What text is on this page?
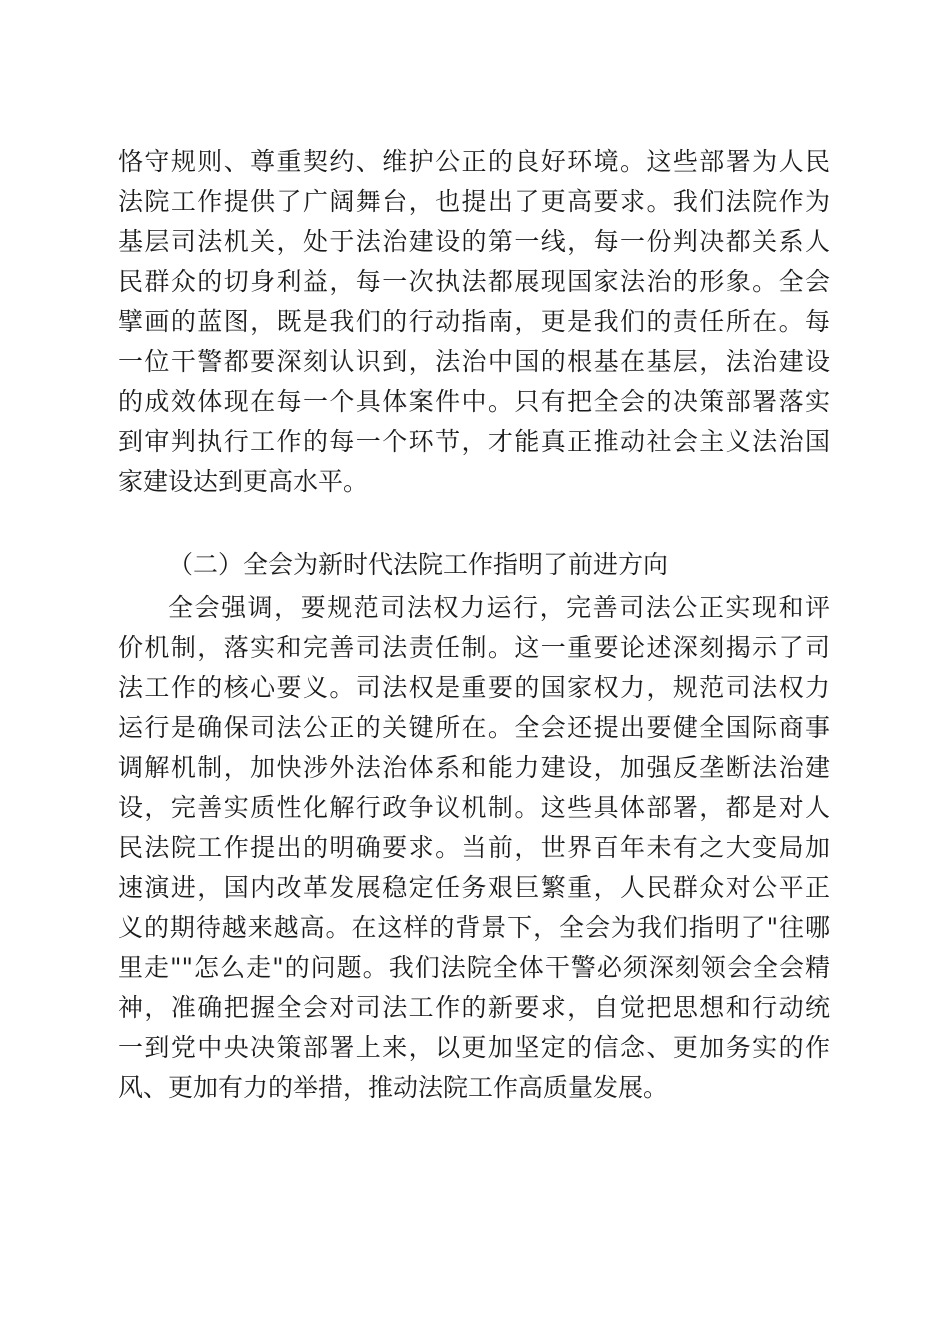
恪守规则、尊重契约、维护公正的良好环境。这些部署为人民
法院工作提供了广阔舞台，也提出了更高要求。我们法院作为
基层司法机关，处于法治建设的第一线，每一份判决都关系人
民群众的切身利益，每一次执法都展现国家法治的形象。全会
擘画的蓝图，既是我们的行动指南，更是我们的责任所在。每
一位干警都要深刻认识到，法治中国的根基在基层，法治建设
的成效体现在每一个具体案件中。只有把全会的决策部署落实
到审判执行工作的每一个环节，才能真正推动社会主义法治国
家建设达到更高水平。
（二）全会为新时代法院工作指明了前进方向
全会强调，要规范司法权力运行，完善司法公正实现和评
价机制，落实和完善司法责任制。这一重要论述深刻揭示了司
法工作的核心要义。司法权是重要的国家权力，规范司法权力
运行是确保司法公正的关键所在。全会还提出要健全国际商事
调解机制，加快涉外法治体系和能力建设，加强反垄断法治建
设，完善实质性化解行政争议机制。这些具体部署，都是对人
民法院工作提出的明确要求。当前，世界百年未有之大变局加
速演进，国内改革发展稳定任务艰巨繁重，人民群众对公平正
义的期待越来越高。在这样的背景下，全会为我们指明了"往哪
里走""怎么走"的问题。我们法院全体干警必须深刻领会全会精
神，准确把握全会对司法工作的新要求，自觉把思想和行动统
一到党中央决策部署上来，以更加坚定的信念、更加务实的作
风、更加有力的举措，推动法院工作高质量发展。
